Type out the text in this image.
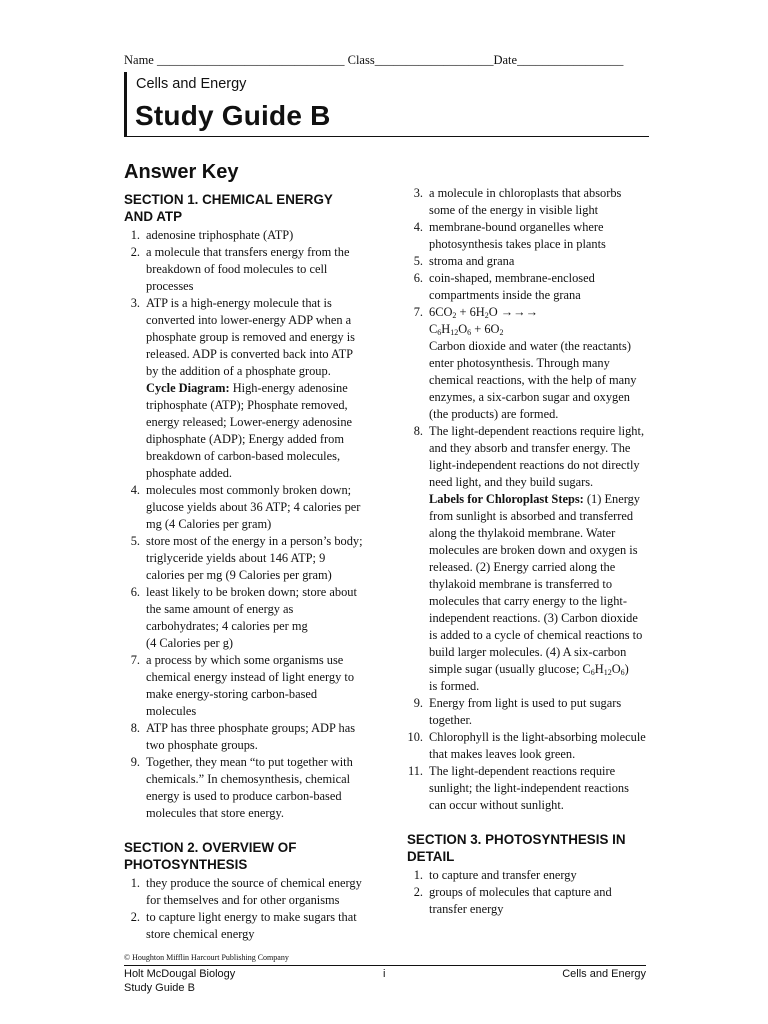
Name ______________________________ Class___________________Date_________________
Cells and Energy
Study Guide B
Answer Key

SECTION 1. CHEMICAL ENERGY
AND ATP

1. adenosine triphosphate (ATP)
2. a molecule that transfers energy from the breakdown of food molecules to cell processes
3. ATP is a high-energy molecule that is converted into lower-energy ADP when a phosphate group is removed and energy is released. ADP is converted back into ATP by the addition of a phosphate group.
Cycle Diagram: High-energy adenosine triphosphate (ATP); Phosphate removed, energy released; Lower-energy adenosine diphosphate (ADP); Energy added from breakdown of carbon-based molecules, phosphate added.
4. molecules most commonly broken down; glucose yields about 36 ATP; 4 calories per mg (4 Calories per gram)
5. store most of the energy in a person’s body; triglyceride yields about 146 ATP; 9 calories per mg (9 Calories per gram)
6. least likely to be broken down; store about the same amount of energy as carbohydrates; 4 calories per mg
(4 Calories per g)
7. a process by which some organisms use chemical energy instead of light energy to make energy-storing carbon-based molecules
8. ATP has three phosphate groups; ADP has two phosphate groups.
9. Together, they mean “to put together with chemicals.” In chemosynthesis, chemical energy is used to produce carbon-based molecules that store energy.

SECTION 2. OVERVIEW OF
PHOTOSYNTHESIS

1. they produce the source of chemical energy for themselves and for other organisms
2. to capture light energy to make sugars that store chemical energy
3. a molecule in chloroplasts that absorbs some of the energy in visible light
4. membrane-bound organelles where photosynthesis takes place in plants
5. stroma and grana
6. coin-shaped, membrane-enclosed compartments inside the grana
7. $6CO_2 + 6H_2O$ →→→
$C_6H_{12}O_6 + 6O_2$
Carbon dioxide and water (the reactants) enter photosynthesis. Through many chemical reactions, with the help of many enzymes, a six-carbon sugar and oxygen (the products) are formed.
8. The light-dependent reactions require light, and they absorb and transfer energy. The light-independent reactions do not directly need light, and they build sugars.
Labels for Chloroplast Steps: (1) Energy from sunlight is absorbed and transferred along the thylakoid membrane. Water molecules are broken down and oxygen is released. (2) Energy carried along the thylakoid membrane is transferred to molecules that carry energy to the light-independent reactions. (3) Carbon dioxide is added to a cycle of chemical reactions to build larger molecules. (4) A six-carbon simple sugar (usually glucose; $C_6H_{12}O_6$)
is formed.
9. Energy from light is used to put sugars together.
10. Chlorophyll is the light-absorbing molecule that makes leaves look green.
11. The light-dependent reactions require sunlight; the light-independent reactions can occur without sunlight.

SECTION 3. PHOTOSYNTHESIS IN
DETAIL

1. to capture and transfer energy
2. groups of molecules that capture and transfer energy
© Houghton Mifflin Harcourt Publishing Company
Holt McDougal Biology
Study Guide B
i	Cells and Energy
